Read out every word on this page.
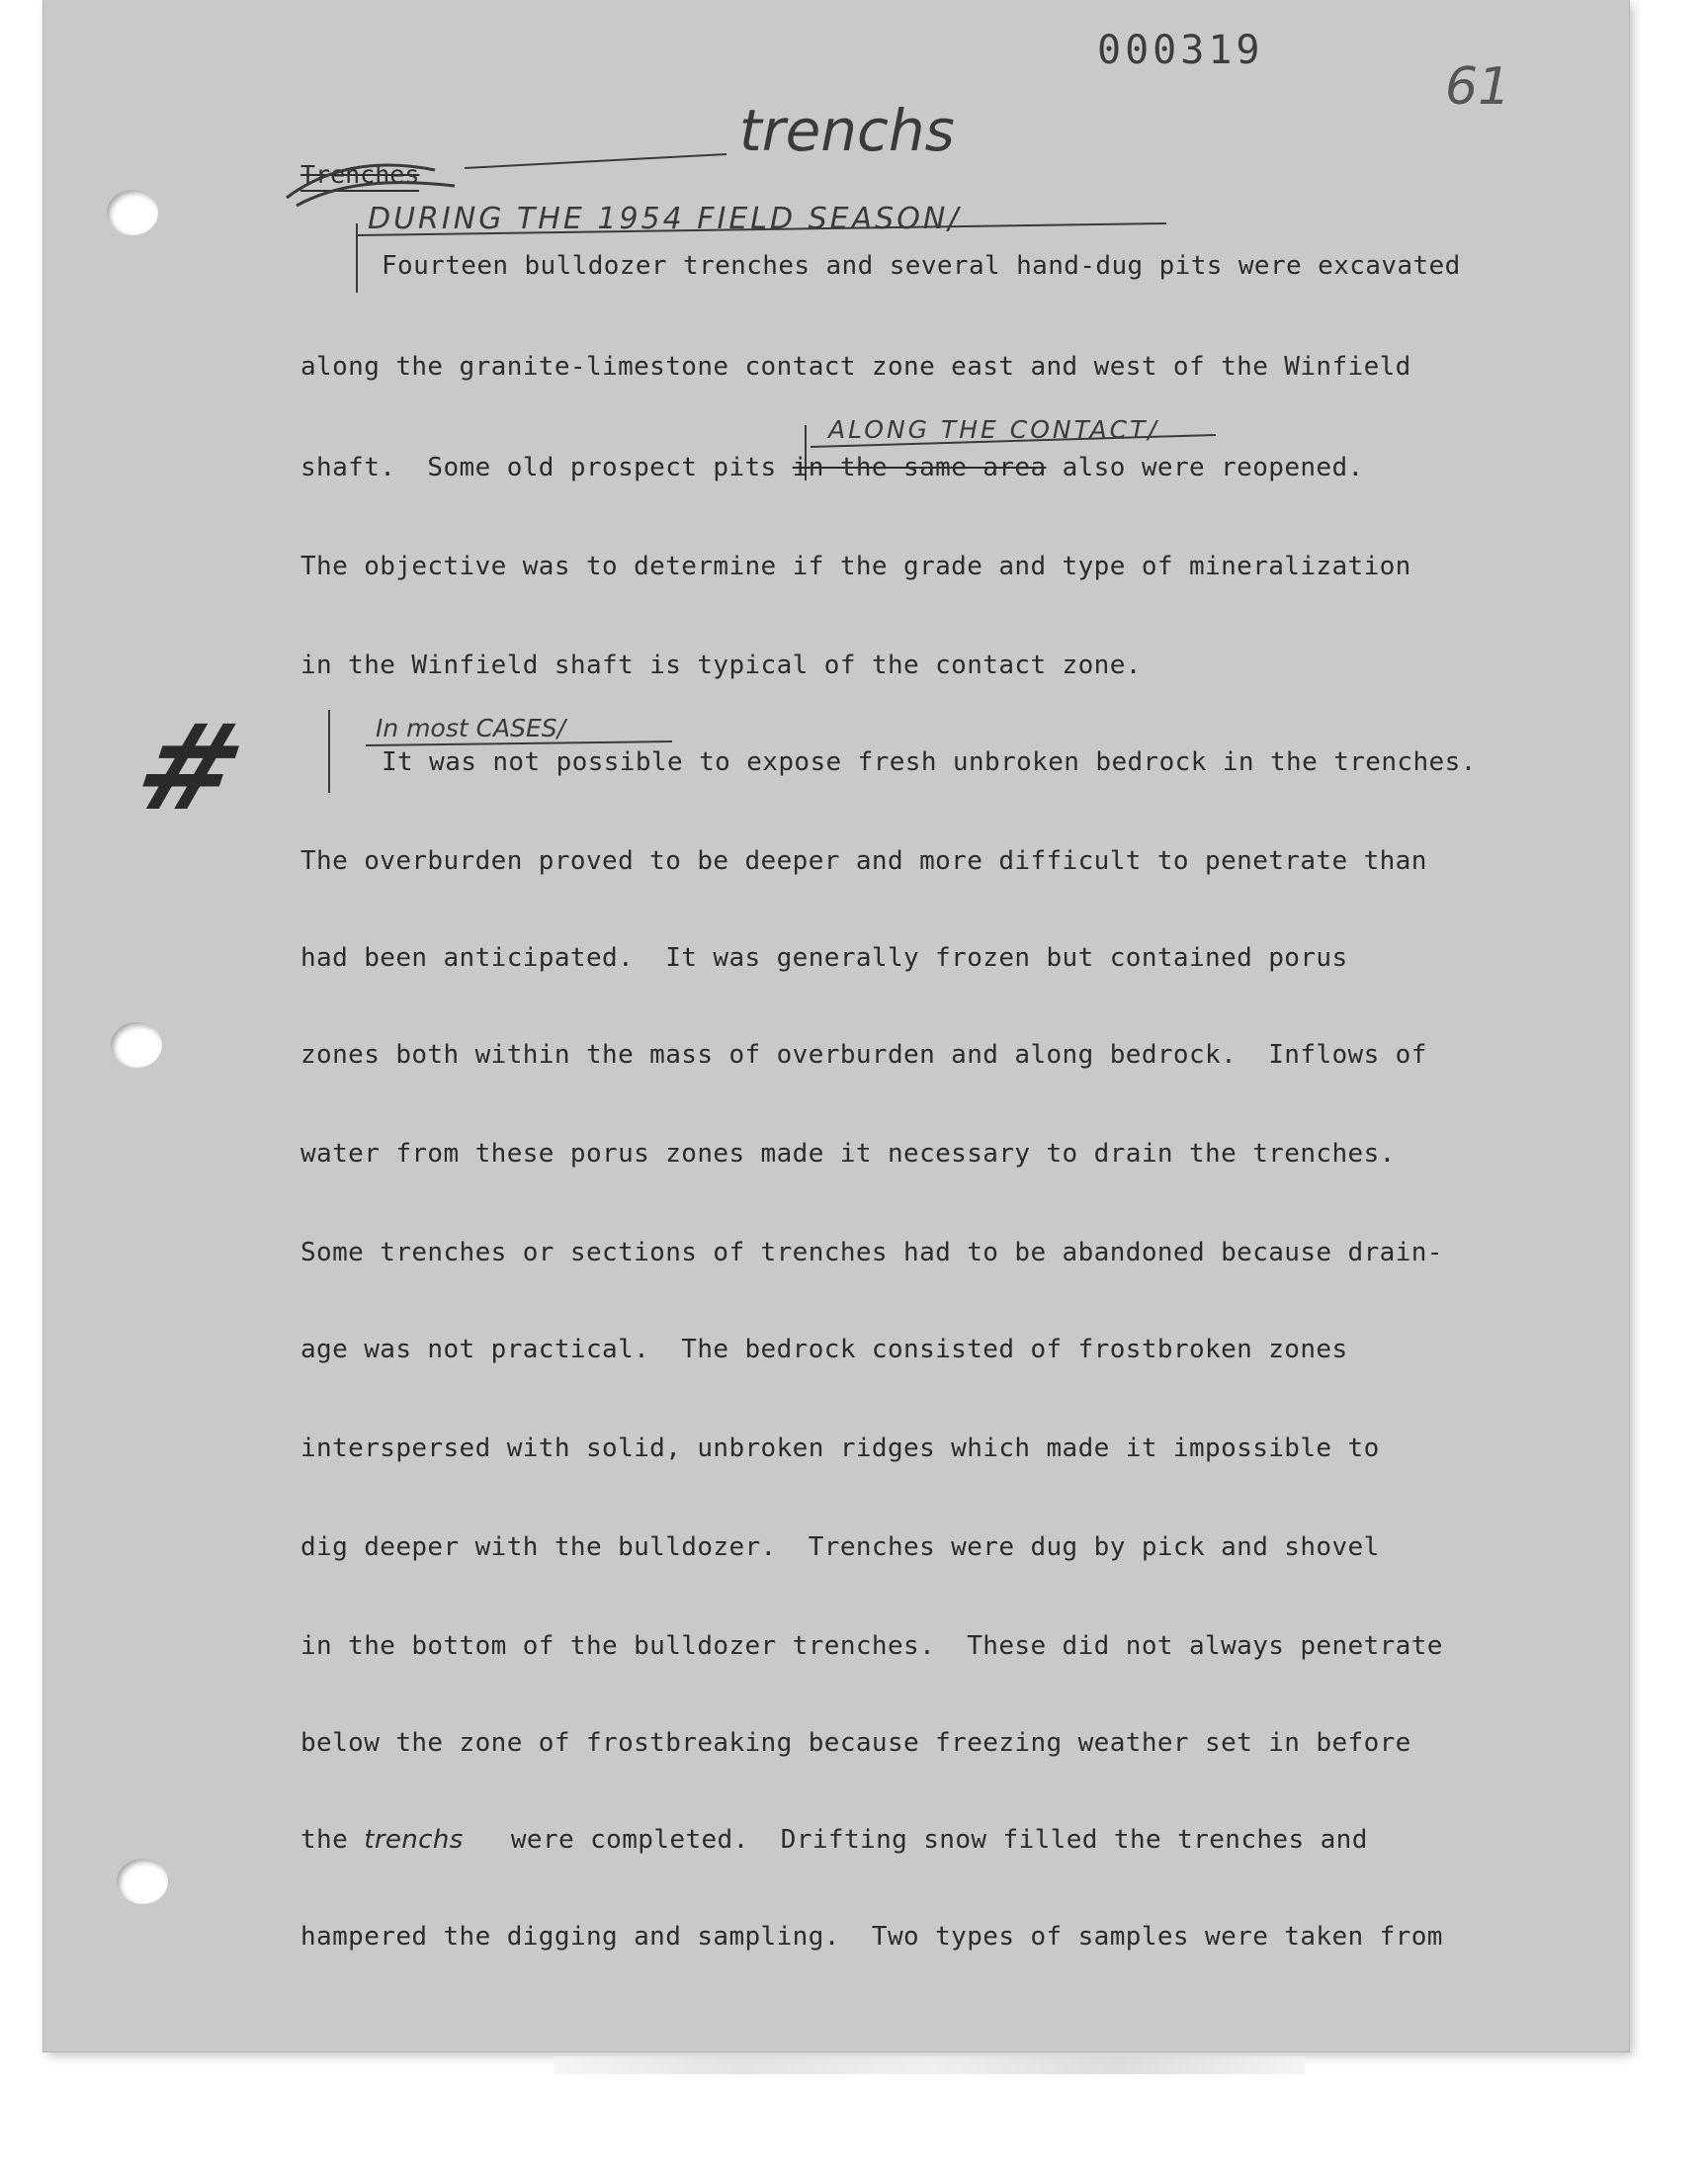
000319
61
trenchs
Trenches
DURING THE 1954 FIELD SEASON/
ALONG THE CONTACT/
In most CASES/
#
Fourteen bulldozer trenches and several hand-dug pits were excavated
along the granite-limestone contact zone east and west of the Winfield
shaft.  Some old prospect pits in the same area also were reopened.
The objective was to determine if the grade and type of mineralization
in the Winfield shaft is typical of the contact zone.
It was not possible to expose fresh unbroken bedrock in the trenches.
The overburden proved to be deeper and more difficult to penetrate than
had been anticipated.  It was generally frozen but contained porus
zones both within the mass of overburden and along bedrock.  Inflows of
water from these porus zones made it necessary to drain the trenches.
Some trenches or sections of trenches had to be abandoned because drain-
age was not practical.  The bedrock consisted of frostbroken zones
interspersed with solid, unbroken ridges which made it impossible to
dig deeper with the bulldozer.  Trenches were dug by pick and shovel
in the bottom of the bulldozer trenches.  These did not always penetrate
below the zone of frostbreaking because freezing weather set in before
the trenchs   were completed.  Drifting snow filled the trenches and
hampered the digging and sampling.  Two types of samples were taken from
